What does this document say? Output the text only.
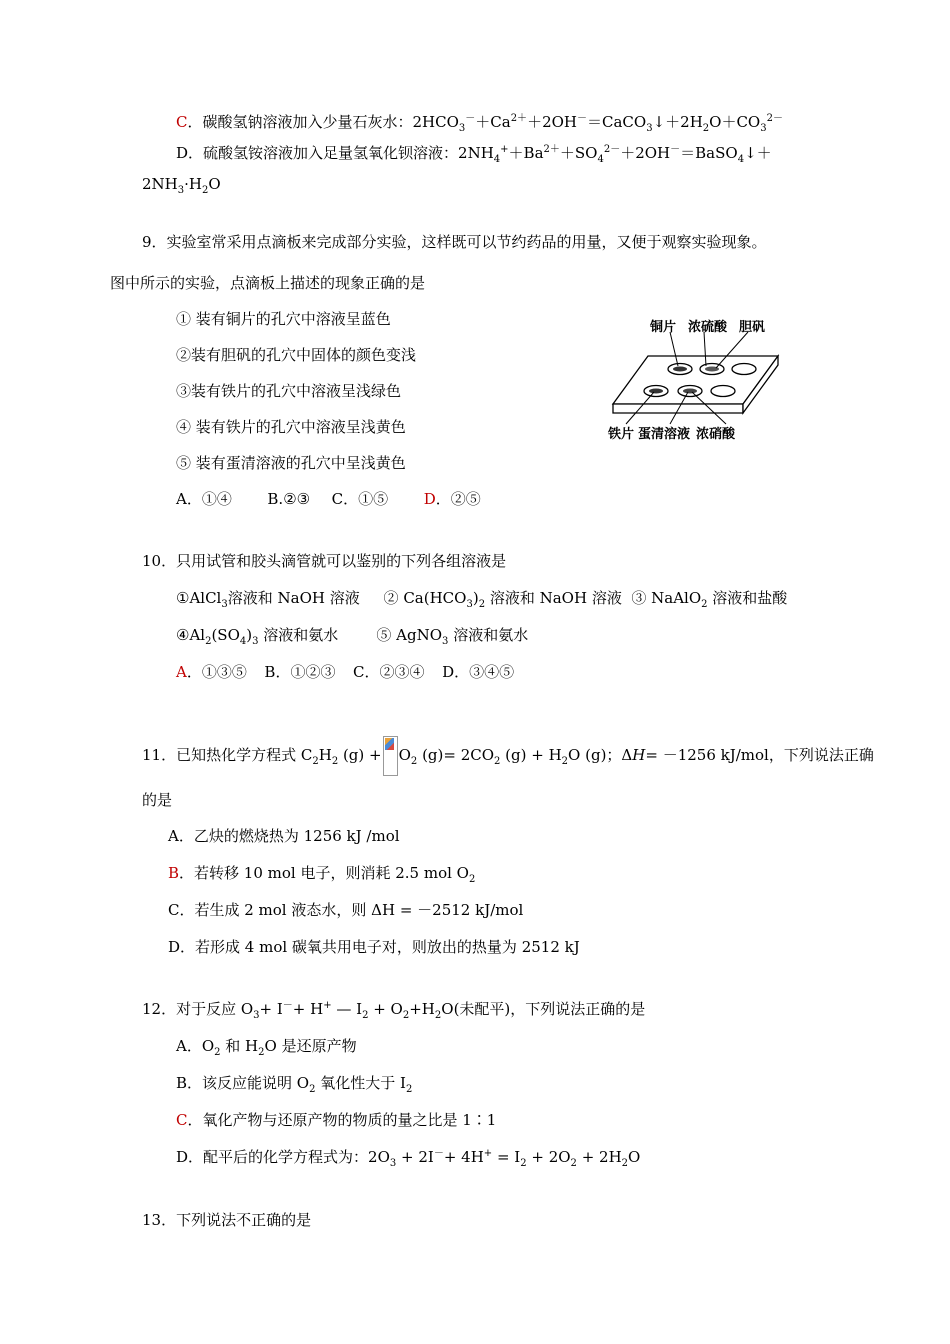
C．碳酸氢钠溶液加入少量石灰水：$2HCO_3^-+Ca^{2+}+2OH^-=CaCO_3↓+2H_2O+CO_3^{2-}$
D．硫酸氢铵溶液加入足量氢氧化钡溶液：$2NH_4^++Ba^{2+}+SO_4^{2-}+2OH^-=BaSO_4↓+$
$2NH_3\cdot H_2O$
9．实验室常采用点滴板来完成部分实验，这样既可以节约药品的用量，又便于观察实验现象。
图中所示的实验，点滴板上描述的现象正确的是
① 装有铜片的孔穴中溶液呈蓝色
②装有胆矾的孔穴中固体的颜色变浅
③装有铁片的孔穴中溶液呈浅绿色
④ 装有铁片的孔穴中溶液呈浅黄色
⑤ 装有蛋清溶液的孔穴中呈浅黄色
A．①④ B.②③ C．①⑤ D．②⑤
铜片 浓硫酸 胆矾
铁片 蛋清溶液 浓硝酸
10．只用试管和胶头滴管就可以鉴别的下列各组溶液是
①AlCl$_3$溶液和 NaOH 溶液     ② $Ca(HCO_3)_2$ 溶液和 NaOH 溶液  ③ NaAlO$_2$ 溶液和盐酸
$④Al_2(SO_4)_3$ 溶液和氨水        ⑤ AgNO$_3$ 溶液和氨水
A．①③⑤ B．①②③ C．②③④ D．③④⑤
11．已知热化学方程式 $C_2H_2$ $(g) + O_2$ $(g)= 2CO_2$ $(g) + H_2O$ (g)；ΔH= －1256 kJ/mol，下列说法正确
的是
A．乙炔的燃烧热为 1256 kJ /mol
B．若转移 10 mol 电子，则消耗 2.5 mol $O_2$
C．若生成 2 mol 液态水，则 ΔH = －2512 kJ/mol
D．若形成 4 mol 碳氧共用电子对，则放出的热量为 2512 kJ
12．对于反应 $O_3+ I^-+ H^+$ — $I_2 + O_2+H_2O$(未配平)，下列说法正确的是
A．$O_2$ 和 $H_2O$ 是还原产物
B．该反应能说明 $O_2$ 氧化性大于 $I_2$
C．氧化产物与还原产物的物质的量之比是 1∶1
D．配平后的化学方程式为：$2O_3 + 2I^-+ 4H^+ = I_2 + 2O_2 + 2H_2O$
13．下列说法不正确的是
